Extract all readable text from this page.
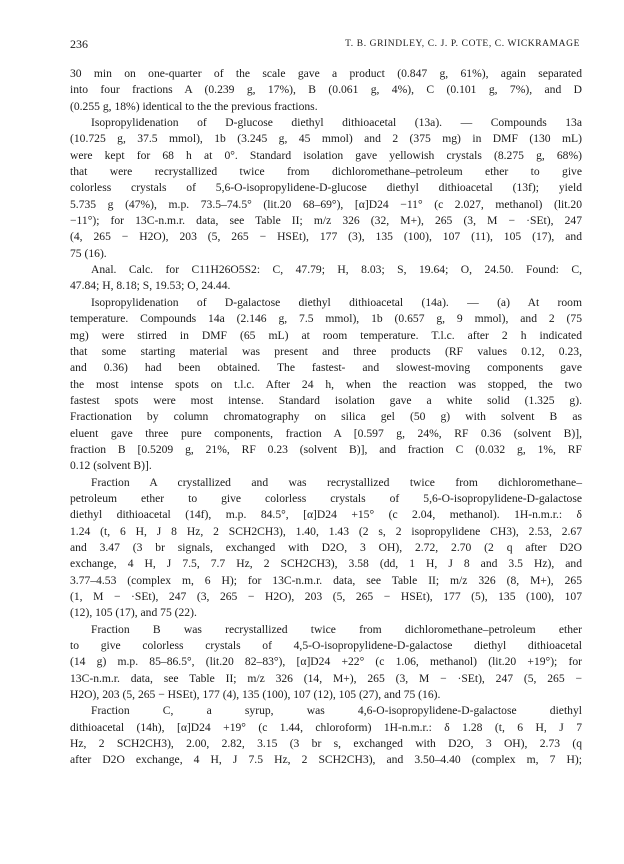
236	T. B. GRINDLEY, C. J. P. COTE, C. WICKRAMAGE
30 min on one-quarter of the scale gave a product (0.847 g, 61%), again separated
into four fractions A (0.239 g, 17%), B (0.061 g, 4%), C (0.101 g, 7%), and D
(0.255 g, 18%) identical to the the previous fractions.
Isopropylidenation of D-glucose diethyl dithioacetal (13a). — Compounds 13a
(10.725 g, 37.5 mmol), 1b (3.245 g, 45 mmol) and 2 (375 mg) in DMF (130 mL)
were kept for 68 h at 0°. Standard isolation gave yellowish crystals (8.275 g, 68%)
that were recrystallized twice from dichloromethane–petroleum ether to give
colorless crystals of 5,6-O-isopropylidene-D-glucose diethyl dithioacetal (13f); yield
5.735 g (47%), m.p. 73.5–74.5° (lit.20 68–69°), [α]D24 −11° (c 2.027, methanol) (lit.20
−11°); for 13C-n.m.r. data, see Table II; m/z 326 (32, M+), 265 (3, M − ·SEt), 247
(4, 265 − H2O), 203 (5, 265 − HSEt), 177 (3), 135 (100), 107 (11), 105 (17), and
75 (16).
Anal. Calc. for C11H26O5S2: C, 47.79; H, 8.03; S, 19.64; O, 24.50. Found: C,
47.84; H, 8.18; S, 19.53; O, 24.44.
Isopropylidenation of D-galactose diethyl dithioacetal (14a). — (a) At room
temperature. Compounds 14a (2.146 g, 7.5 mmol), 1b (0.657 g, 9 mmol), and 2 (75
mg) were stirred in DMF (65 mL) at room temperature. T.l.c. after 2 h indicated
that some starting material was present and three products (RF values 0.12, 0.23,
and 0.36) had been obtained. The fastest- and slowest-moving components gave
the most intense spots on t.l.c. After 24 h, when the reaction was stopped, the two
fastest spots were most intense. Standard isolation gave a white solid (1.325 g).
Fractionation by column chromatography on silica gel (50 g) with solvent B as
eluent gave three pure components, fraction A [0.597 g, 24%, RF 0.36 (solvent B)],
fraction B [0.5209 g, 21%, RF 0.23 (solvent B)], and fraction C (0.032 g, 1%, RF
0.12 (solvent B)].
Fraction A crystallized and was recrystallized twice from dichloromethane–
petroleum ether to give colorless crystals of 5,6-O-isopropylidene-D-galactose
diethyl dithioacetal (14f), m.p. 84.5°, [α]D24 +15° (c 2.04, methanol). 1H-n.m.r.: δ
1.24 (t, 6 H, J 8 Hz, 2 SCH2CH3), 1.40, 1.43 (2 s, 2 isopropylidene CH3), 2.53, 2.67
and 3.47 (3 br signals, exchanged with D2O, 3 OH), 2.72, 2.70 (2 q after D2O
exchange, 4 H, J 7.5, 7.7 Hz, 2 SCH2CH3), 3.58 (dd, 1 H, J 8 and 3.5 Hz), and
3.77–4.53 (complex m, 6 H); for 13C-n.m.r. data, see Table II; m/z 326 (8, M+), 265
(1, M − ·SEt), 247 (3, 265 − H2O), 203 (5, 265 − HSEt), 177 (5), 135 (100), 107
(12), 105 (17), and 75 (22).
Fraction B was recrystallized twice from dichloromethane–petroleum ether
to give colorless crystals of 4,5-O-isopropylidene-D-galactose diethyl dithioacetal
(14 g) m.p. 85–86.5°, (lit.20 82–83°), [α]D24 +22° (c 1.06, methanol) (lit.20 +19°); for
13C-n.m.r. data, see Table II; m/z 326 (14, M+), 265 (3, M − ·SEt), 247 (5, 265 −
H2O), 203 (5, 265 − HSEt), 177 (4), 135 (100), 107 (12), 105 (27), and 75 (16).
Fraction C, a syrup, was 4,6-O-isopropylidene-D-galactose diethyl
dithioacetal (14h), [α]D24 +19° (c 1.44, chloroform) 1H-n.m.r.: δ 1.28 (t, 6 H, J 7
Hz, 2 SCH2CH3), 2.00, 2.82, 3.15 (3 br s, exchanged with D2O, 3 OH), 2.73 (q
after D2O exchange, 4 H, J 7.5 Hz, 2 SCH2CH3), and 3.50–4.40 (complex m, 7 H);
